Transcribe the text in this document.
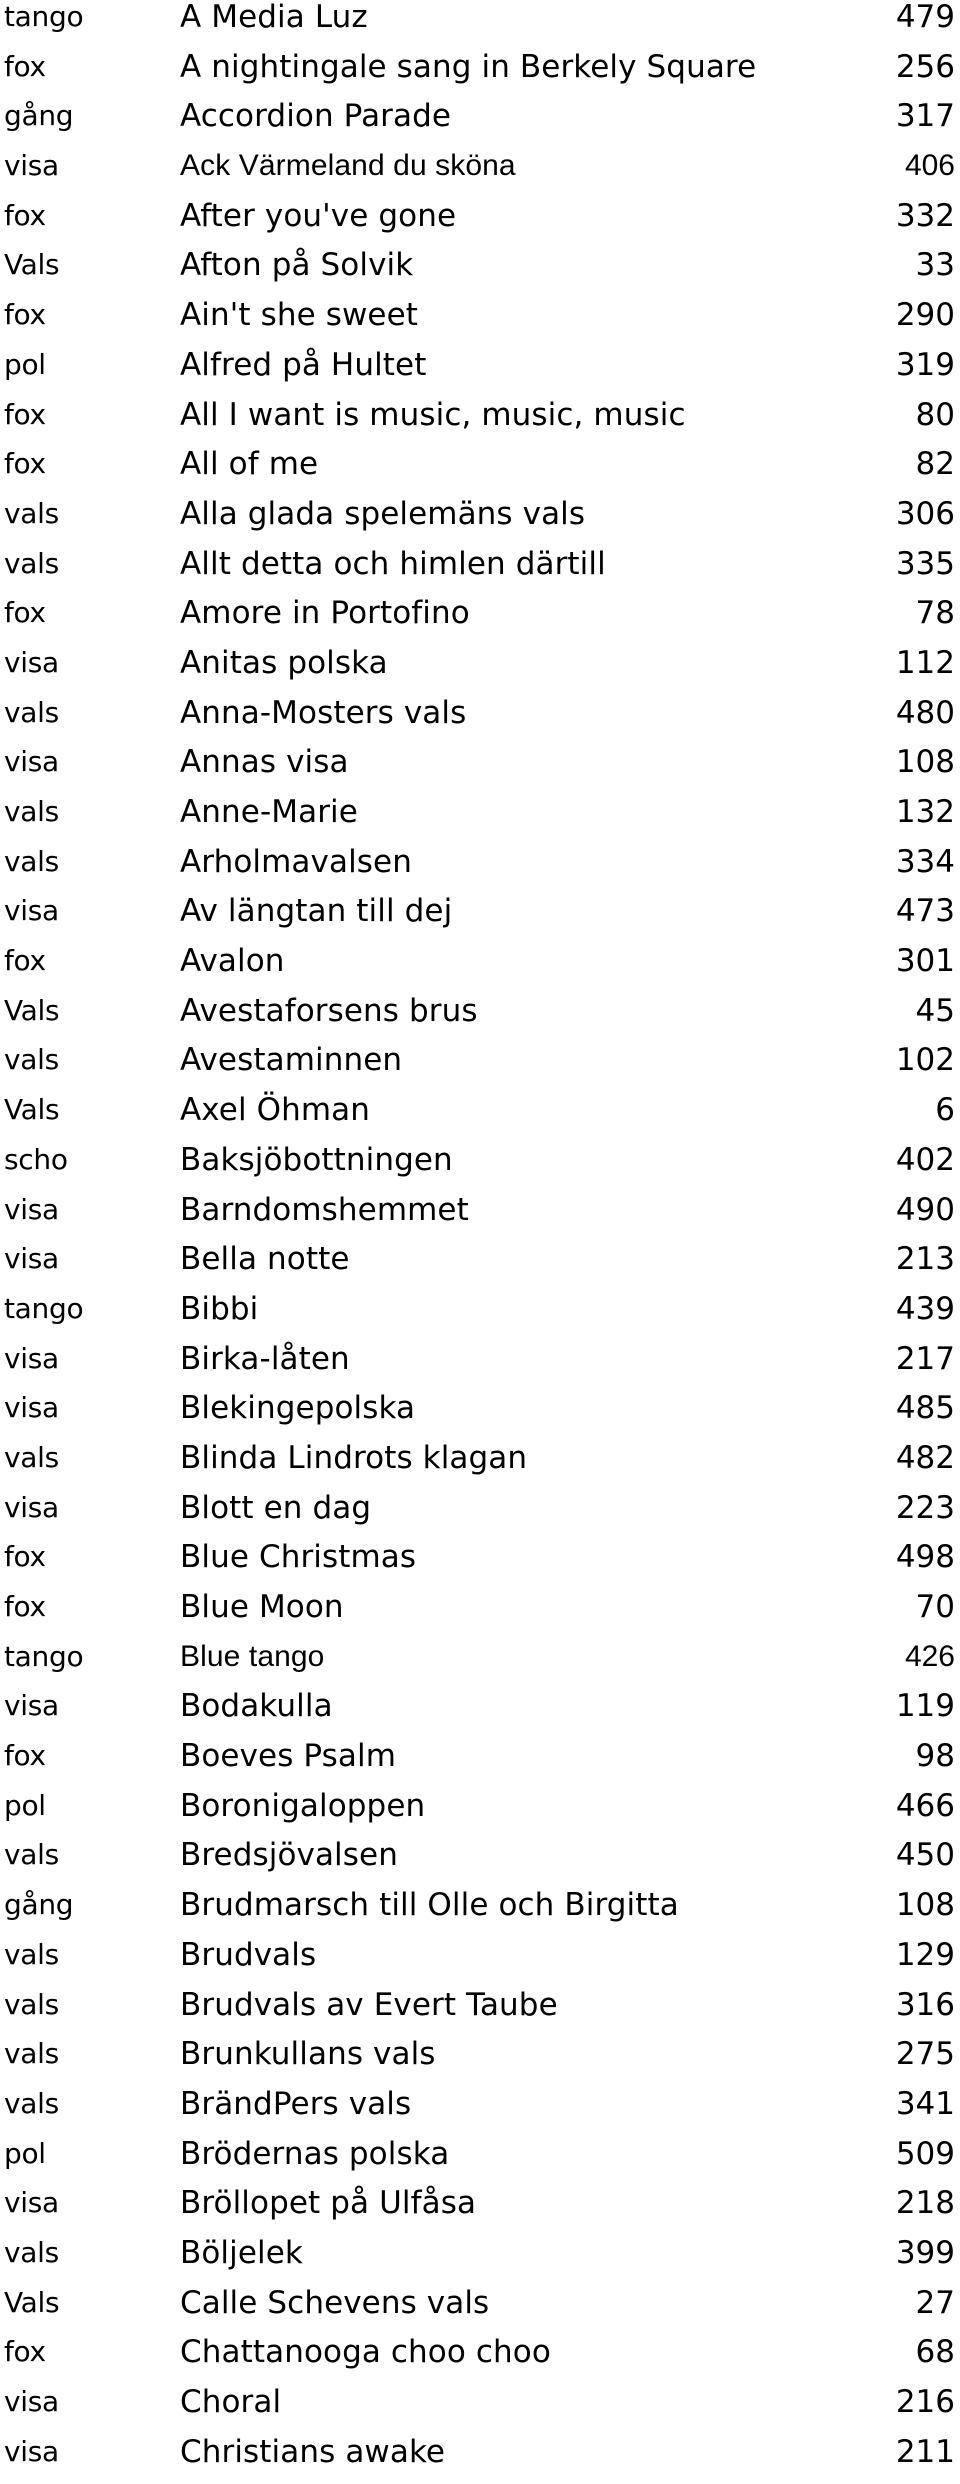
tango	A Media Luz	479
fox	A nightingale sang in Berkely Square	256
gång	Accordion Parade	317
visa	Ack Värmeland du sköna	406
fox	After you've gone	332
Vals	Afton på Solvik	33
fox	Ain't she sweet	290
pol	Alfred på Hultet	319
fox	All I want is music, music, music	80
fox	All of me	82
vals	Alla glada spelemäns vals	306
vals	Allt detta och himlen därtill	335
fox	Amore in Portofino	78
visa	Anitas polska	112
vals	Anna-Mosters vals	480
visa	Annas visa	108
vals	Anne-Marie	132
vals	Arholmavalsen	334
visa	Av längtan till dej	473
fox	Avalon	301
Vals	Avestaforsens brus	45
vals	Avestaminnen	102
Vals	Axel Öhman	6
scho	Baksjöbottningen	402
visa	Barndomshemmet	490
visa	Bella notte	213
tango	Bibbi	439
visa	Birka-låten	217
visa	Blekingepolska	485
vals	Blinda Lindrots klagan	482
visa	Blott en dag	223
fox	Blue Christmas	498
fox	Blue Moon	70
tango	Blue tango	426
visa	Bodakulla	119
fox	Boeves Psalm	98
pol	Boronigaloppen	466
vals	Bredsjövalsen	450
gång	Brudmarsch till Olle och Birgitta	108
vals	Brudvals	129
vals	Brudvals av Evert Taube	316
vals	Brunkullans vals	275
vals	BrändPers vals	341
pol	Brödernas polska	509
visa	Bröllopet på Ulfåsa	218
vals	Böljelek	399
Vals	Calle Schevens vals	27
fox	Chattanooga choo choo	68
visa	Choral	216
visa	Christians awake	211
